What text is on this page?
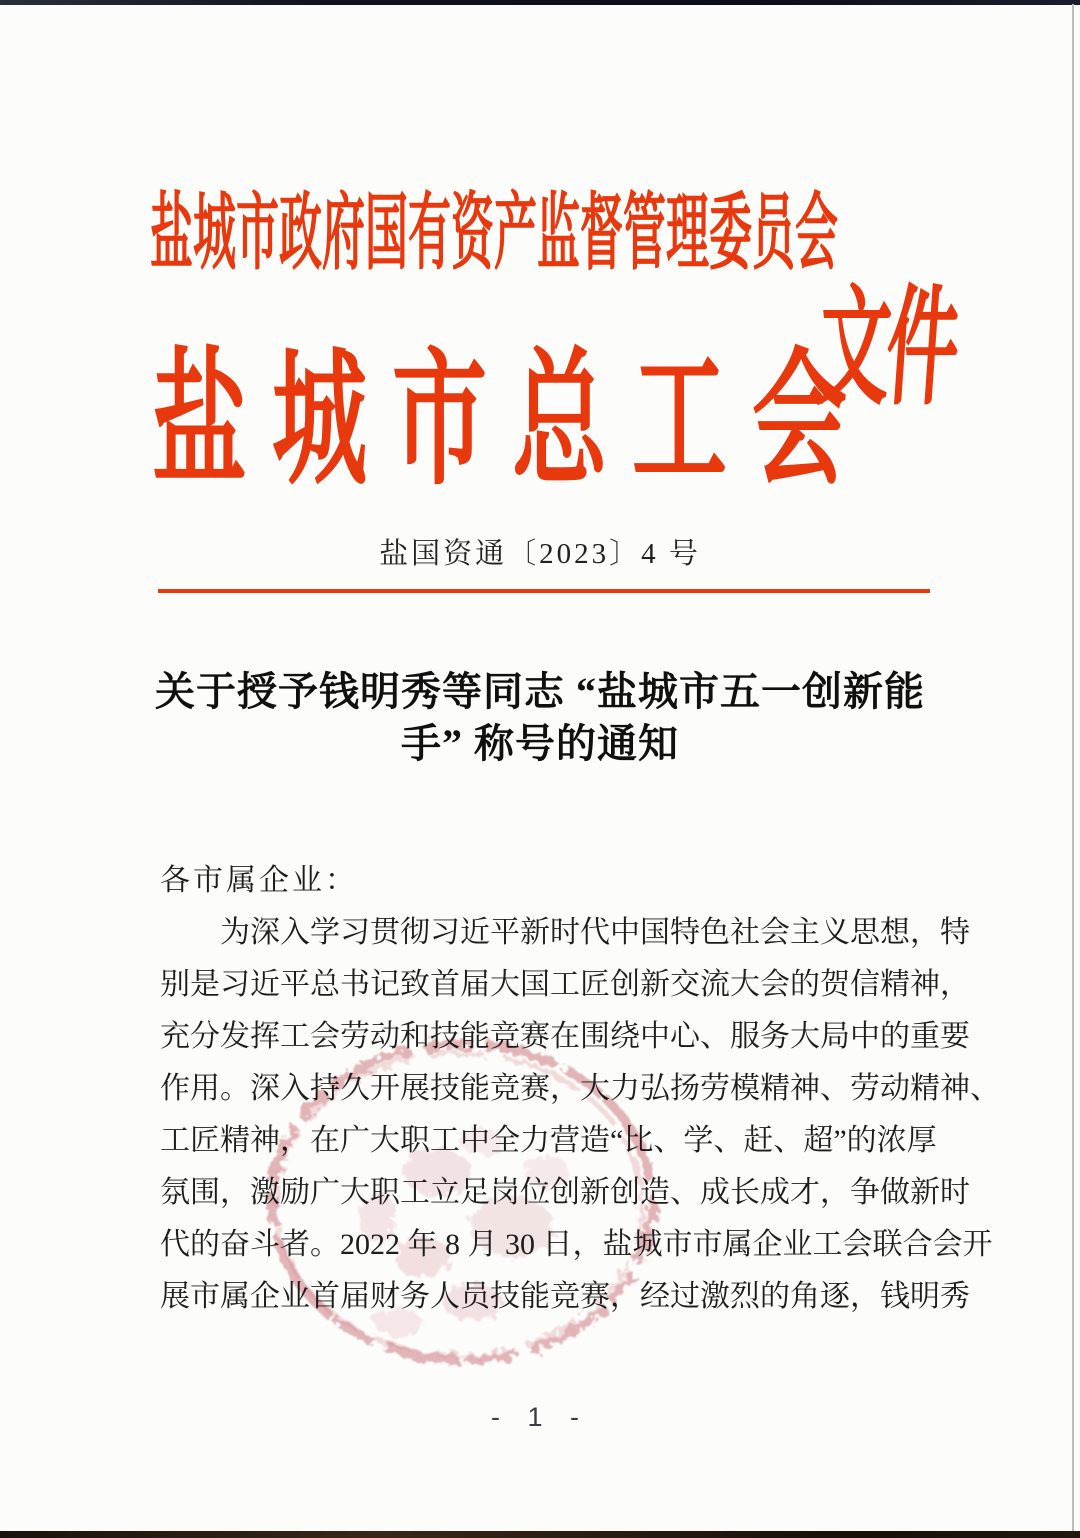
盐城市政府国有资产监督管理委员会
盐城市总工会
文件
盐国资通〔2023〕4 号
关于授予钱明秀等同志 “盐城市五一创新能
手” 称号的通知
各市属企业：
为深入学习贯彻习近平新时代中国特色社会主义思想，特
别是习近平总书记致首届大国工匠创新交流大会的贺信精神，
充分发挥工会劳动和技能竞赛在围绕中心、服务大局中的重要
作用。深入持久开展技能竞赛，大力弘扬劳模精神、劳动精神、
工匠精神，在广大职工中全力营造“比、学、赶、超”的浓厚
氛围，激励广大职工立足岗位创新创造、成长成才，争做新时
代的奋斗者。2022 年 8 月 30 日，盐城市市属企业工会联合会开
展市属企业首届财务人员技能竞赛，经过激烈的角逐，钱明秀
- 1 -
